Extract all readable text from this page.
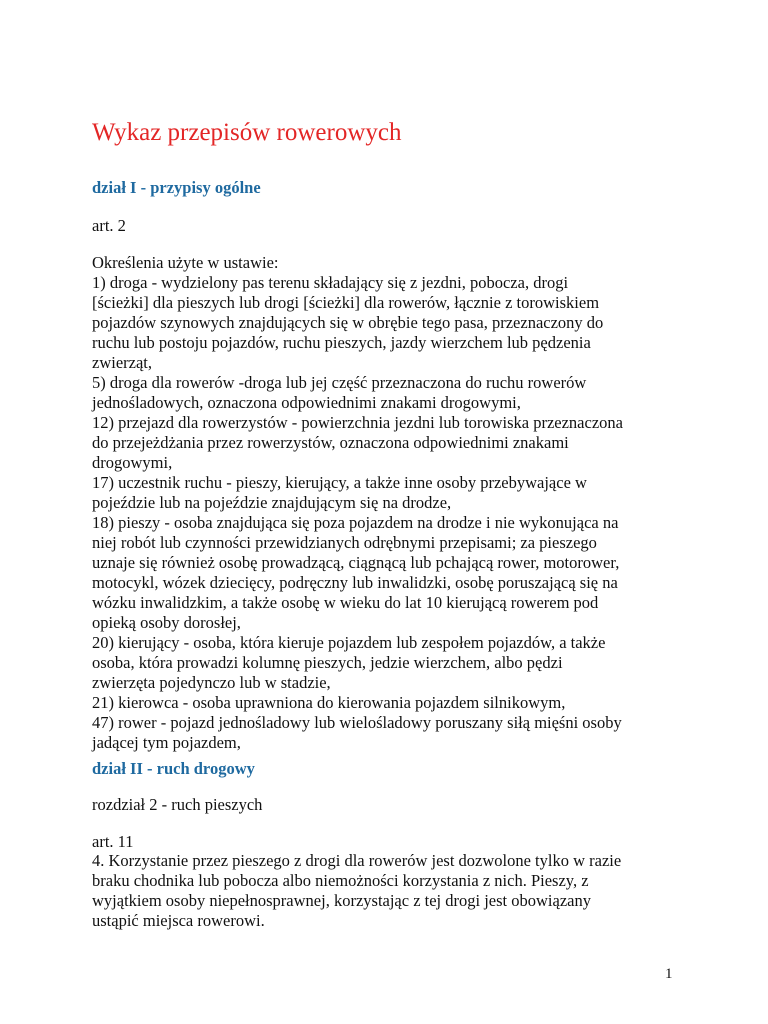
Wykaz przepisów rowerowych
dział I - przypisy ogólne

art. 2

Określenia użyte w ustawie:
1) droga - wydzielony pas terenu składający się z jezdni, pobocza, drogi
[ścieżki] dla pieszych lub drogi [ścieżki] dla rowerów, łącznie z torowiskiem
pojazdów szynowych znajdujących się w obrębie tego pasa, przeznaczony do
ruchu lub postoju pojazdów, ruchu pieszych, jazdy wierzchem lub pędzenia
zwierząt,
5) droga dla rowerów -droga lub jej część przeznaczona do ruchu rowerów
jednośladowych, oznaczona odpowiednimi znakami drogowymi,
12) przejazd dla rowerzystów - powierzchnia jezdni lub torowiska przeznaczona
do przejeżdżania przez rowerzystów, oznaczona odpowiednimi znakami
drogowymi,
17) uczestnik ruchu - pieszy, kierujący, a także inne osoby przebywające w
pojeździe lub na pojeździe znajdującym się na drodze,
18) pieszy - osoba znajdująca się poza pojazdem na drodze i nie wykonująca na
niej robót lub czynności przewidzianych odrębnymi przepisami; za pieszego
uznaje się również osobę prowadzącą, ciągnącą lub pchającą rower, motorower,
motocykl, wózek dziecięcy, podręczny lub inwalidzki, osobę poruszającą się na
wózku inwalidzkim, a także osobę w wieku do lat 10 kierującą rowerem pod
opieką osoby dorosłej,
20) kierujący - osoba, która kieruje pojazdem lub zespołem pojazdów, a także
osoba, która prowadzi kolumnę pieszych, jedzie wierzchem, albo pędzi
zwierzęta pojedynczo lub w stadzie,
21) kierowca - osoba uprawniona do kierowania pojazdem silnikowym,
47) rower - pojazd jednośladowy lub wielośladowy poruszany siłą mięśni osoby
jadącej tym pojazdem,

dział II - ruch drogowy

rozdział 2 - ruch pieszych

art. 11

4. Korzystanie przez pieszego z drogi dla rowerów jest dozwolone tylko w razie
braku chodnika lub pobocza albo niemożności korzystania z nich. Pieszy, z
wyjątkiem osoby niepełnosprawnej, korzystając z tej drogi jest obowiązany
ustąpić miejsca rowerowi.

1
